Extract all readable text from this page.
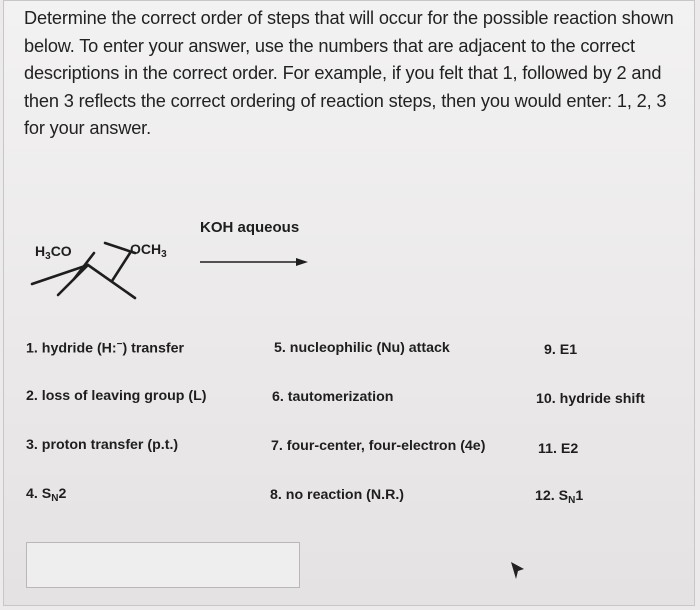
Determine the correct order of steps that will occur for the possible reaction shown below. To enter your answer, use the numbers that are adjacent to the correct descriptions in the correct order. For example, if you felt that 1, followed by 2 and then 3 reflects the correct ordering of reaction steps, then you would enter: 1, 2, 3 for your answer.

$H_3CO$	$OCH_3$
KOH aqueous
1. hydride (H:−) transfer
2. loss of leaving group (L)
3. proton transfer (p.t.)
4. $S_N2$
5. nucleophilic (Nu) attack
6. tautomerization
7. four-center, four-electron (4e)
8. no reaction (N.R.)
9. E1
10. hydride shift
11. E2
12. $S_N1$
